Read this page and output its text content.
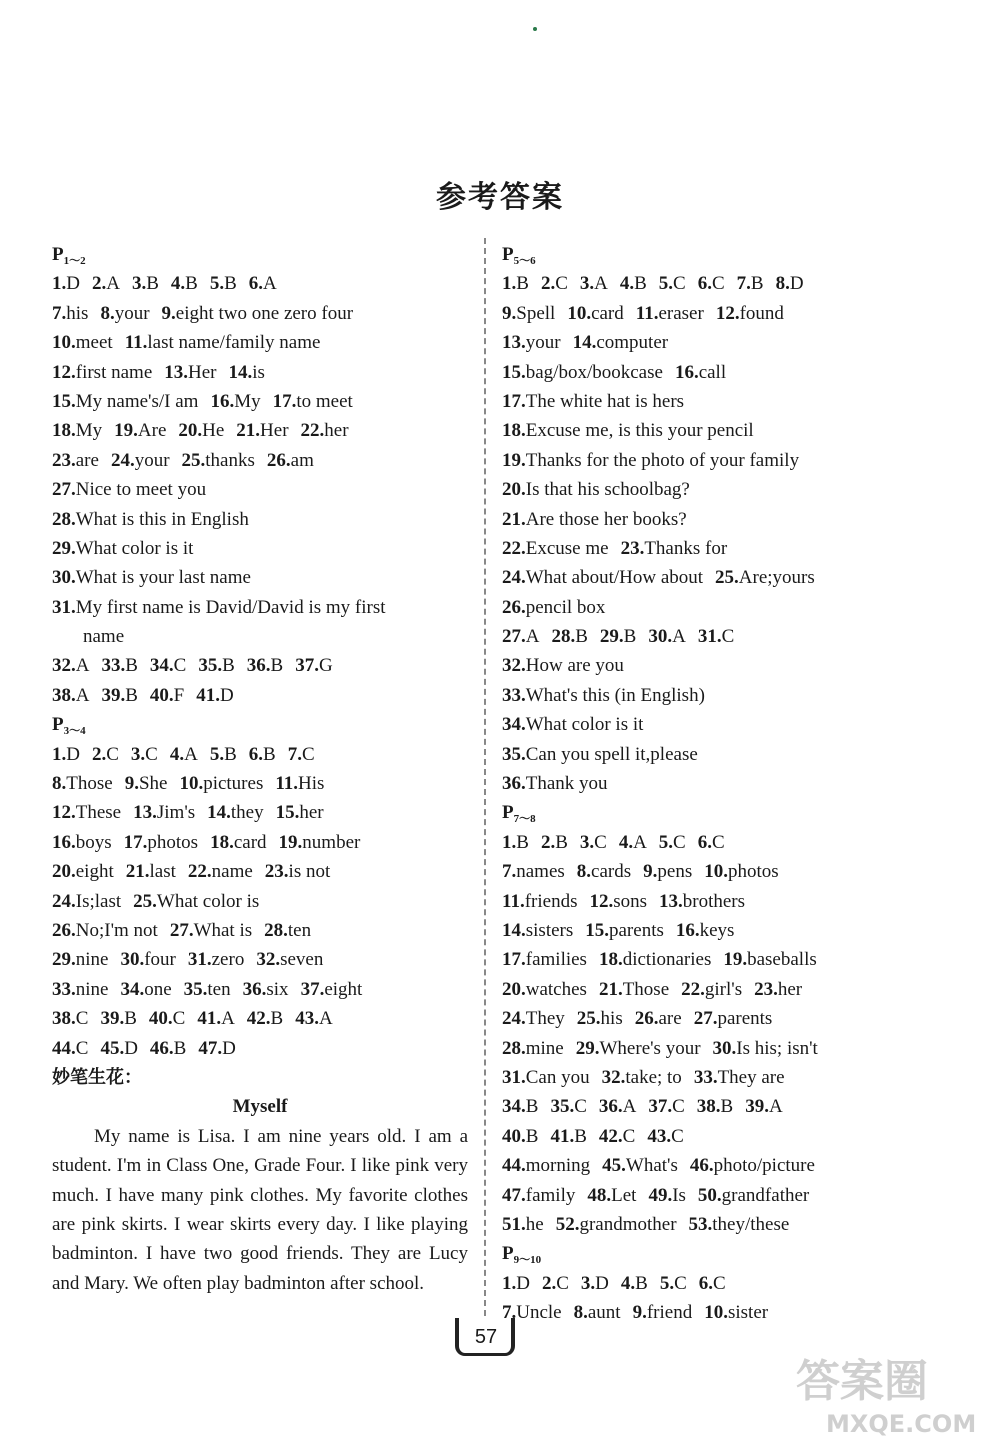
参考答案
$P_{1\sim 2}$
1.D 2.A 3.B 4.B 5.B 6.A
7.his 8.your 9.eight two one zero four
10.meet 11.last name/family name
12.first name 13.Her 14.is
15.My name's/I am 16.My 17.to meet
18.My 19.Are 20.He 21.Her 22.her
23.are 24.your 25.thanks 26.am
27.Nice to meet you
28.What is this in English
29.What color is it
30.What is your last name
31.My first name is David/David is my first
name
32.A 33.B 34.C 35.B 36.B 37.G
38.A 39.B 40.F 41.D
$P_{3\sim 4}$
1.D 2.C 3.C 4.A 5.B 6.B 7.C
8.Those 9.She 10.pictures 11.His
12.These 13.Jim's 14.they 15.her
16.boys 17.photos 18.card 19.number
20.eight 21.last 22.name 23.is not
24.Is;last 25.What color is
26.No;I'm not 27.What is 28.ten
29.nine 30.four 31.zero 32.seven
33.nine 34.one 35.ten 36.six 37.eight
38.C 39.B 40.C 41.A 42.B 43.A
44.C 45.D 46.B 47.D
妙笔生花：
Myself

My name is Lisa. I am nine years old. I am a student. I'm in Class One, Grade Four. I like pink very much. I have many pink clothes. My favorite clothes are pink skirts. I wear skirts every day. I like playing badminton. I have two good friends. They are Lucy and Mary. We often play badminton after school.

$P_{5\sim 6}$
1.B 2.C 3.A 4.B 5.C 6.C 7.B 8.D
9.Spell 10.card 11.eraser 12.found
13.your 14.computer
15.bag/box/bookcase 16.call
17.The white hat is hers
18.Excuse me, is this your pencil
19.Thanks for the photo of your family
20.Is that his schoolbag?
21.Are those her books?
22.Excuse me 23.Thanks for
24.What about/How about 25.Are;yours
26.pencil box
27.A 28.B 29.B 30.A 31.C
32.How are you
33.What's this (in English)
34.What color is it
35.Can you spell it,please
36.Thank you
$P_{7\sim 8}$
1.B 2.B 3.C 4.A 5.C 6.C
7.names 8.cards 9.pens 10.photos
11.friends 12.sons 13.brothers
14.sisters 15.parents 16.keys
17.families 18.dictionaries 19.baseballs
20.watches 21.Those 22.girl's 23.her
24.They 25.his 26.are 27.parents
28.mine 29.Where's your 30.Is his; isn't
31.Can you 32.take; to 33.They are
34.B 35.C 36.A 37.C 38.B 39.A
40.B 41.B 42.C 43.C
44.morning 45.What's 46.photo/picture
47.family 48.Let 49.Is 50.grandfather
51.he 52.grandmother 53.they/these
$P_{9\sim 10}$
1.D 2.C 3.D 4.B 5.C 6.C
7.Uncle 8.aunt 9.friend 10.sister
57
答案圈
MXQE.COM
